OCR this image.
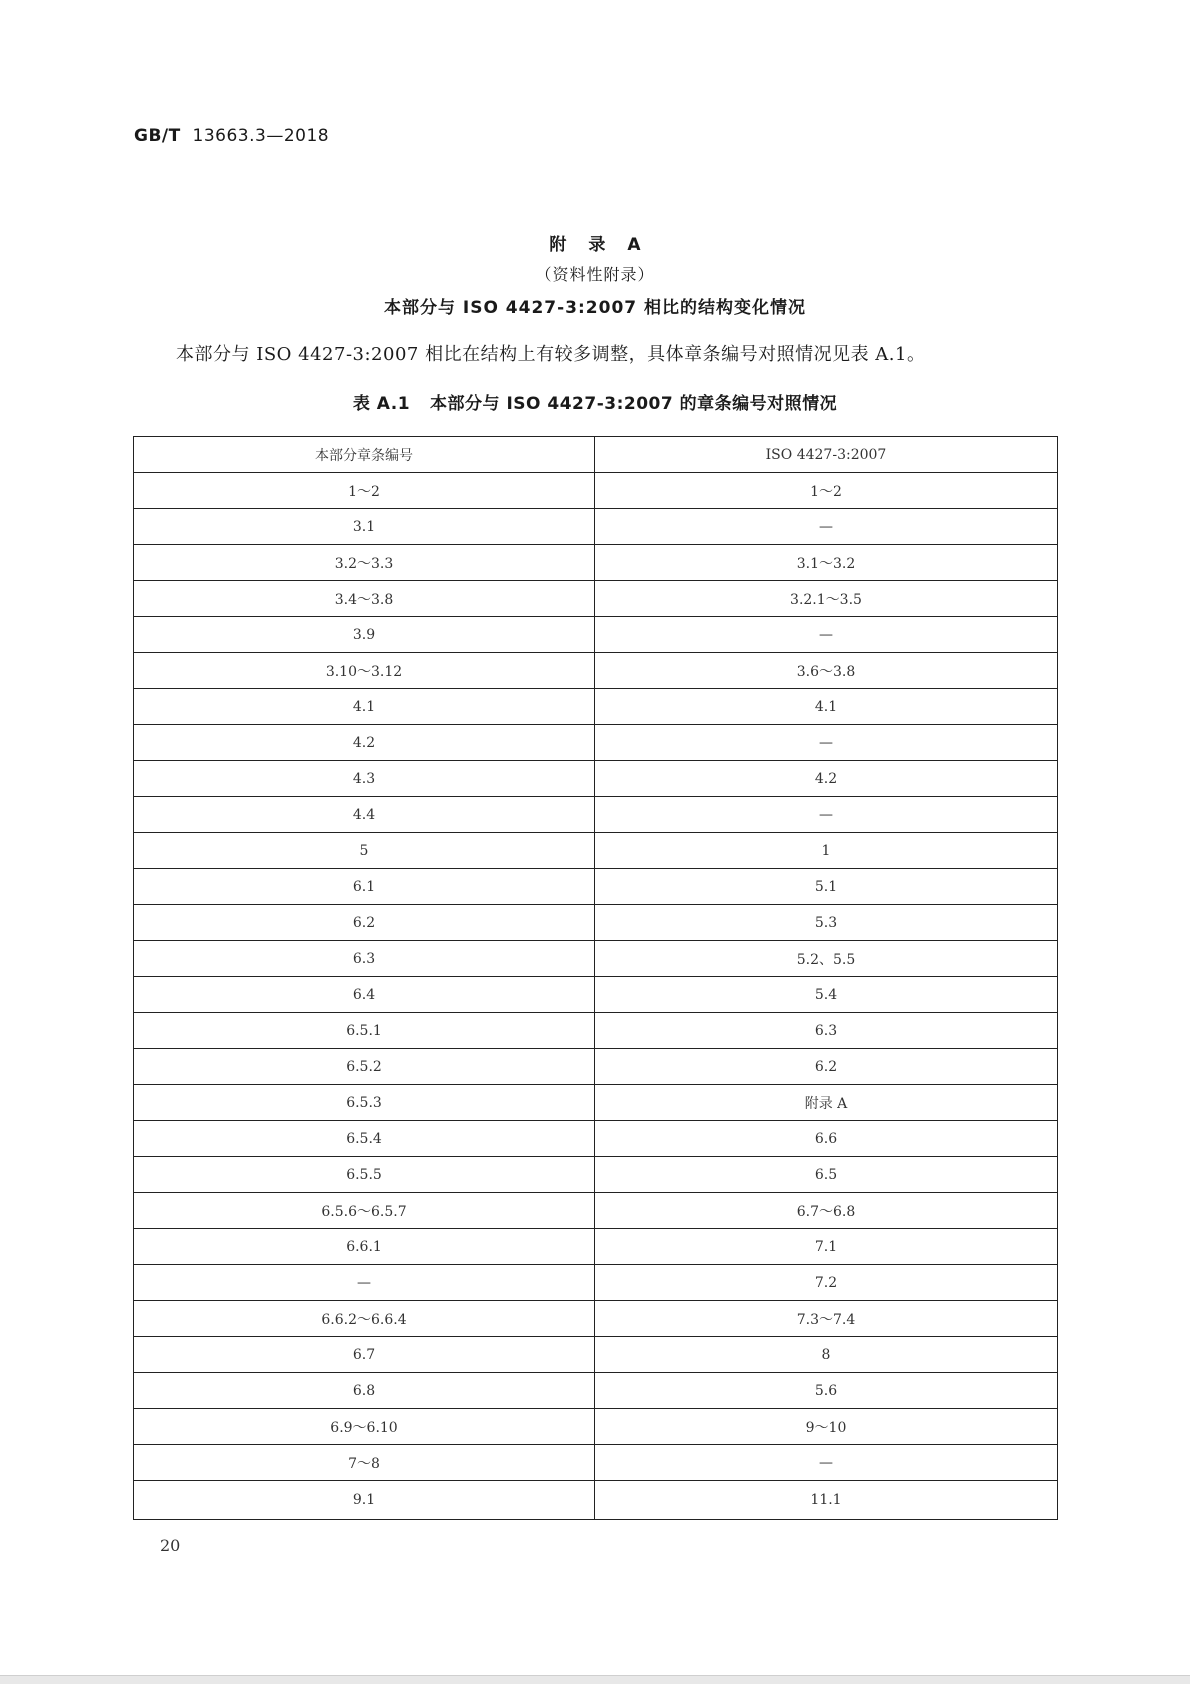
GB/T 13663.3—2018
附录A
（资料性附录）
本部分与 ISO 4427-3:2007 相比的结构变化情况
本部分与 ISO 4427-3:2007 相比在结构上有较多调整，具体章条编号对照情况见表 A.1。
表 A.1 本部分与 ISO 4427-3:2007 的章条编号对照情况
本部分章条编号	ISO 4427-3:2007
1～2	1～2
3.1	—
3.2～3.3	3.1～3.2
3.4～3.8	3.2.1～3.5
3.9	—
3.10～3.12	3.6～3.8
4.1	4.1
4.2	—
4.3	4.2
4.4	—
5	1
6.1	5.1
6.2	5.3
6.3	5.2、5.5
6.4	5.4
6.5.1	6.3
6.5.2	6.2
6.5.3	附录 A
6.5.4	6.6
6.5.5	6.5
6.5.6～6.5.7	6.7～6.8
6.6.1	7.1
—	7.2
6.6.2～6.6.4	7.3～7.4
6.7	8
6.8	5.6
6.9～6.10	9～10
7～8	—
9.1	11.1
20
